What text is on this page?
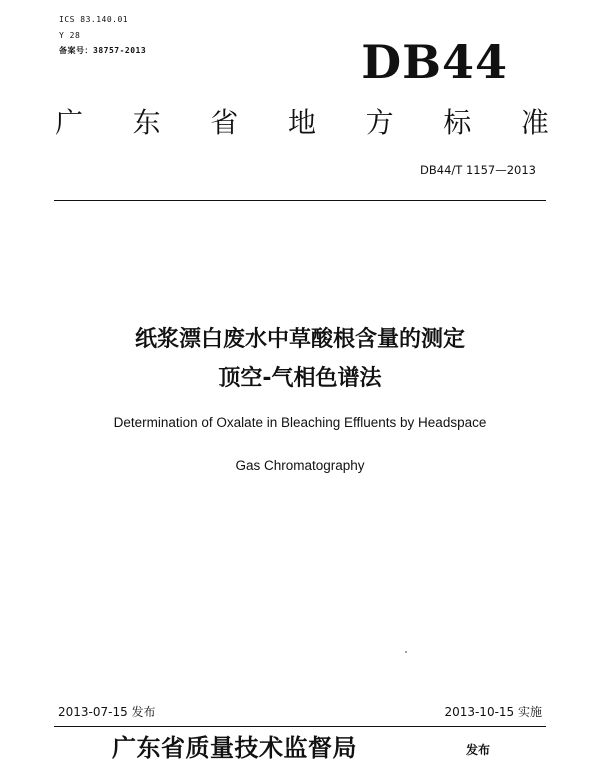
ICS 83.140.01
Y 28
备案号：38757-2013	DB44
广 东 省 地 方 标 准
DB44/T 1157—2013
纸浆漂白废水中草酸根含量的测定
顶空-气相色谱法
Determination of Oxalate in Bleaching Effluents by Headspace
Gas Chromatography
2013-07-15 发布	2013-10-15 实施
广东省质量技术监督局	发布
